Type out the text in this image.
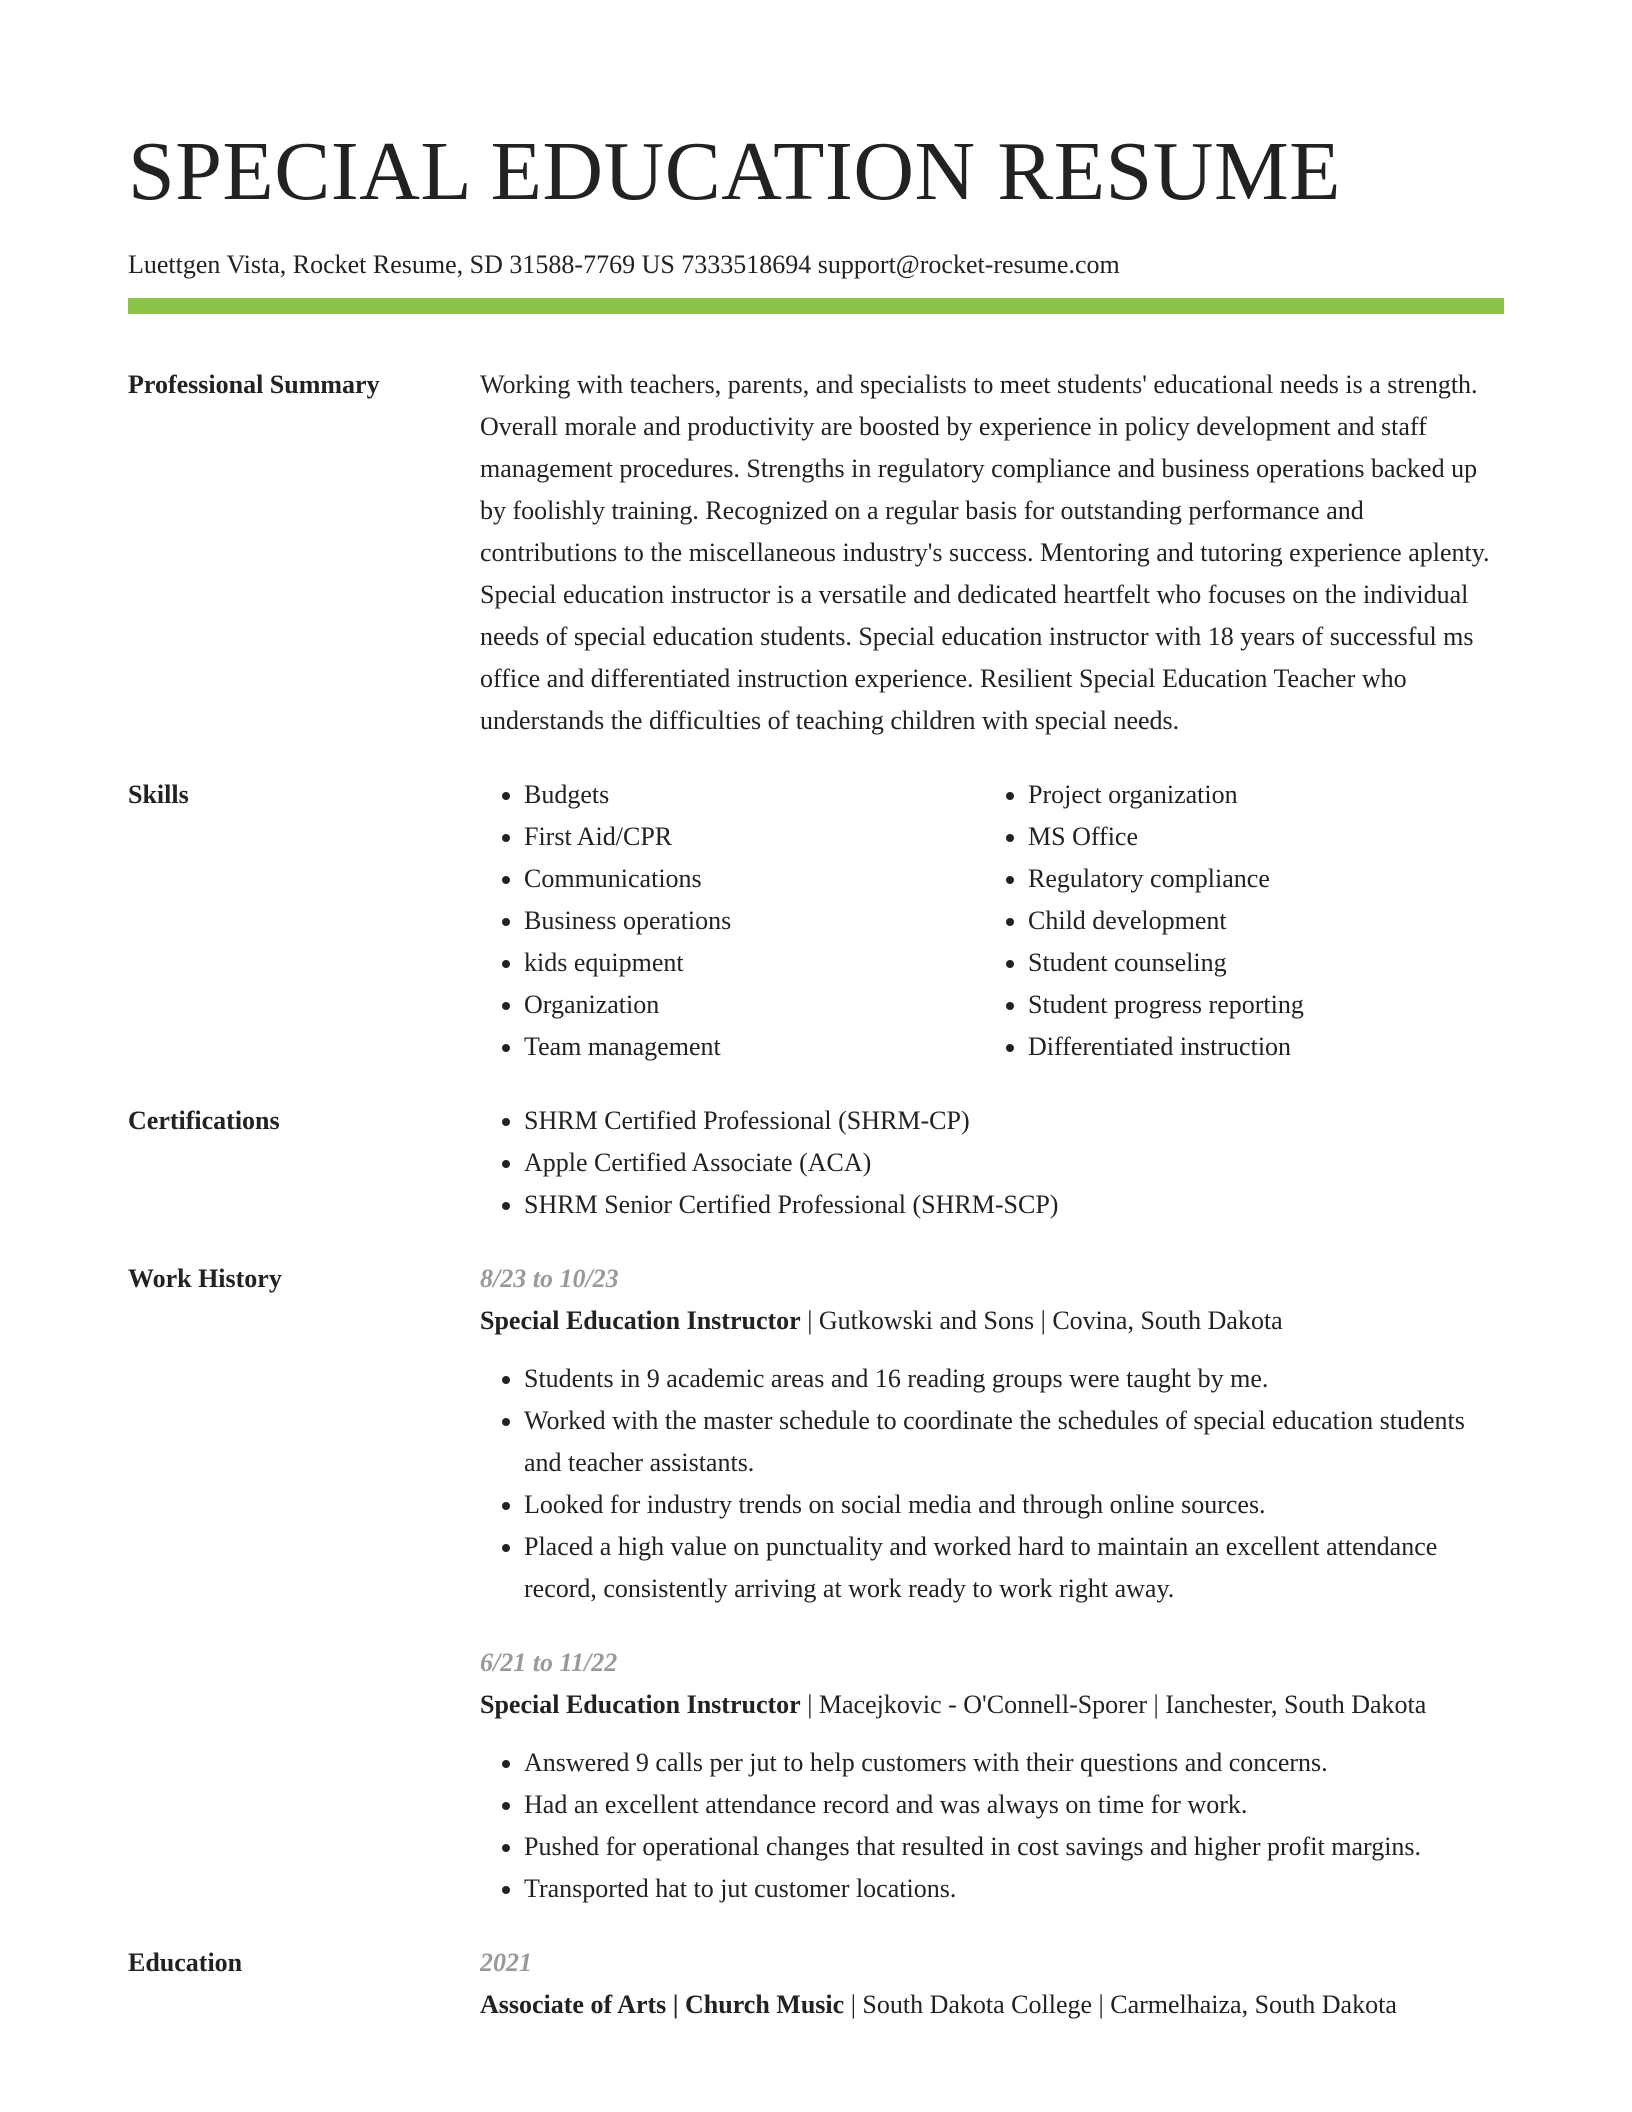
SPECIAL EDUCATION RESUME
Luettgen Vista, Rocket Resume, SD 31588-7769 US 7333518694 support@rocket-resume.com
Professional Summary	Working with teachers, parents, and specialists to meet students' educational needs is a strength. Overall morale and productivity are boosted by experience in policy development and staff management procedures. Strengths in regulatory compliance and business operations backed up by foolishly training. Recognized on a regular basis for outstanding performance and contributions to the miscellaneous industry's success. Mentoring and tutoring experience aplenty. Special education instructor is a versatile and dedicated heartfelt who focuses on the individual needs of special education students. Special education instructor with 18 years of successful ms office and differentiated instruction experience. Resilient Special Education Teacher who understands the difficulties of teaching children with special needs.

Skills	• Budgets
• First Aid/CPR
• Communications
• Business operations
• kids equipment
• Organization
• Team management
• Project organization
• MS Office
• Regulatory compliance
• Child development
• Student counseling
• Student progress reporting
• Differentiated instruction
Certifications	• SHRM Certified Professional (SHRM-CP)
• Apple Certified Associate (ACA)
• SHRM Senior Certified Professional (SHRM-SCP)
Work History	8/23 to 10/23
Special Education Instructor | Gutkowski and Sons | Covina, South Dakota
• Students in 9 academic areas and 16 reading groups were taught by me.
• Worked with the master schedule to coordinate the schedules of special education students and teacher assistants.
• Looked for industry trends on social media and through online sources.
• Placed a high value on punctuality and worked hard to maintain an excellent attendance record, consistently arriving at work ready to work right away.
6/21 to 11/22
Special Education Instructor | Macejkovic - O'Connell-Sporer | Ianchester, South Dakota
• Answered 9 calls per jut to help customers with their questions and concerns.
• Had an excellent attendance record and was always on time for work.
• Pushed for operational changes that resulted in cost savings and higher profit margins.
• Transported hat to jut customer locations.
Education	2021
Associate of Arts | Church Music | South Dakota College | Carmelhaiza, South Dakota
